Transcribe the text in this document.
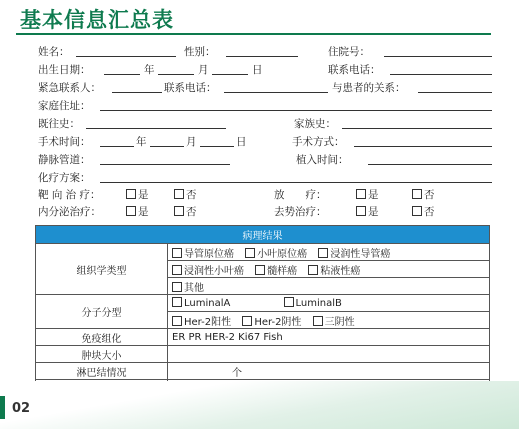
基本信息汇总表
姓名：	性别：	住院号：
出生日期：	年	月	日	联系电话：
紧急联系人：	联系电话：	与患者的关系：
家庭住址：
既往史：	家族史：
手术时间：	年	月	日	手术方式：
静脉管道：	植入时间：
化疗方案：
靶 向 治 疗：	是	否	放　　疗：	是	否
内分泌治疗：	是	否	去势治疗：	是	否
病理结果	
组织学类型	导管原位癌 小叶原位癌 浸润性导管癌
	浸润性小叶癌 髓样癌 粘液性癌
	其他
分子分型	LuminalA LuminalB
	Her-2阳性 Her-2阴性 三阴性
免疫组化	ER PR HER-2 Ki67 Fish
肿块大小	
淋巴结情况	个

02
